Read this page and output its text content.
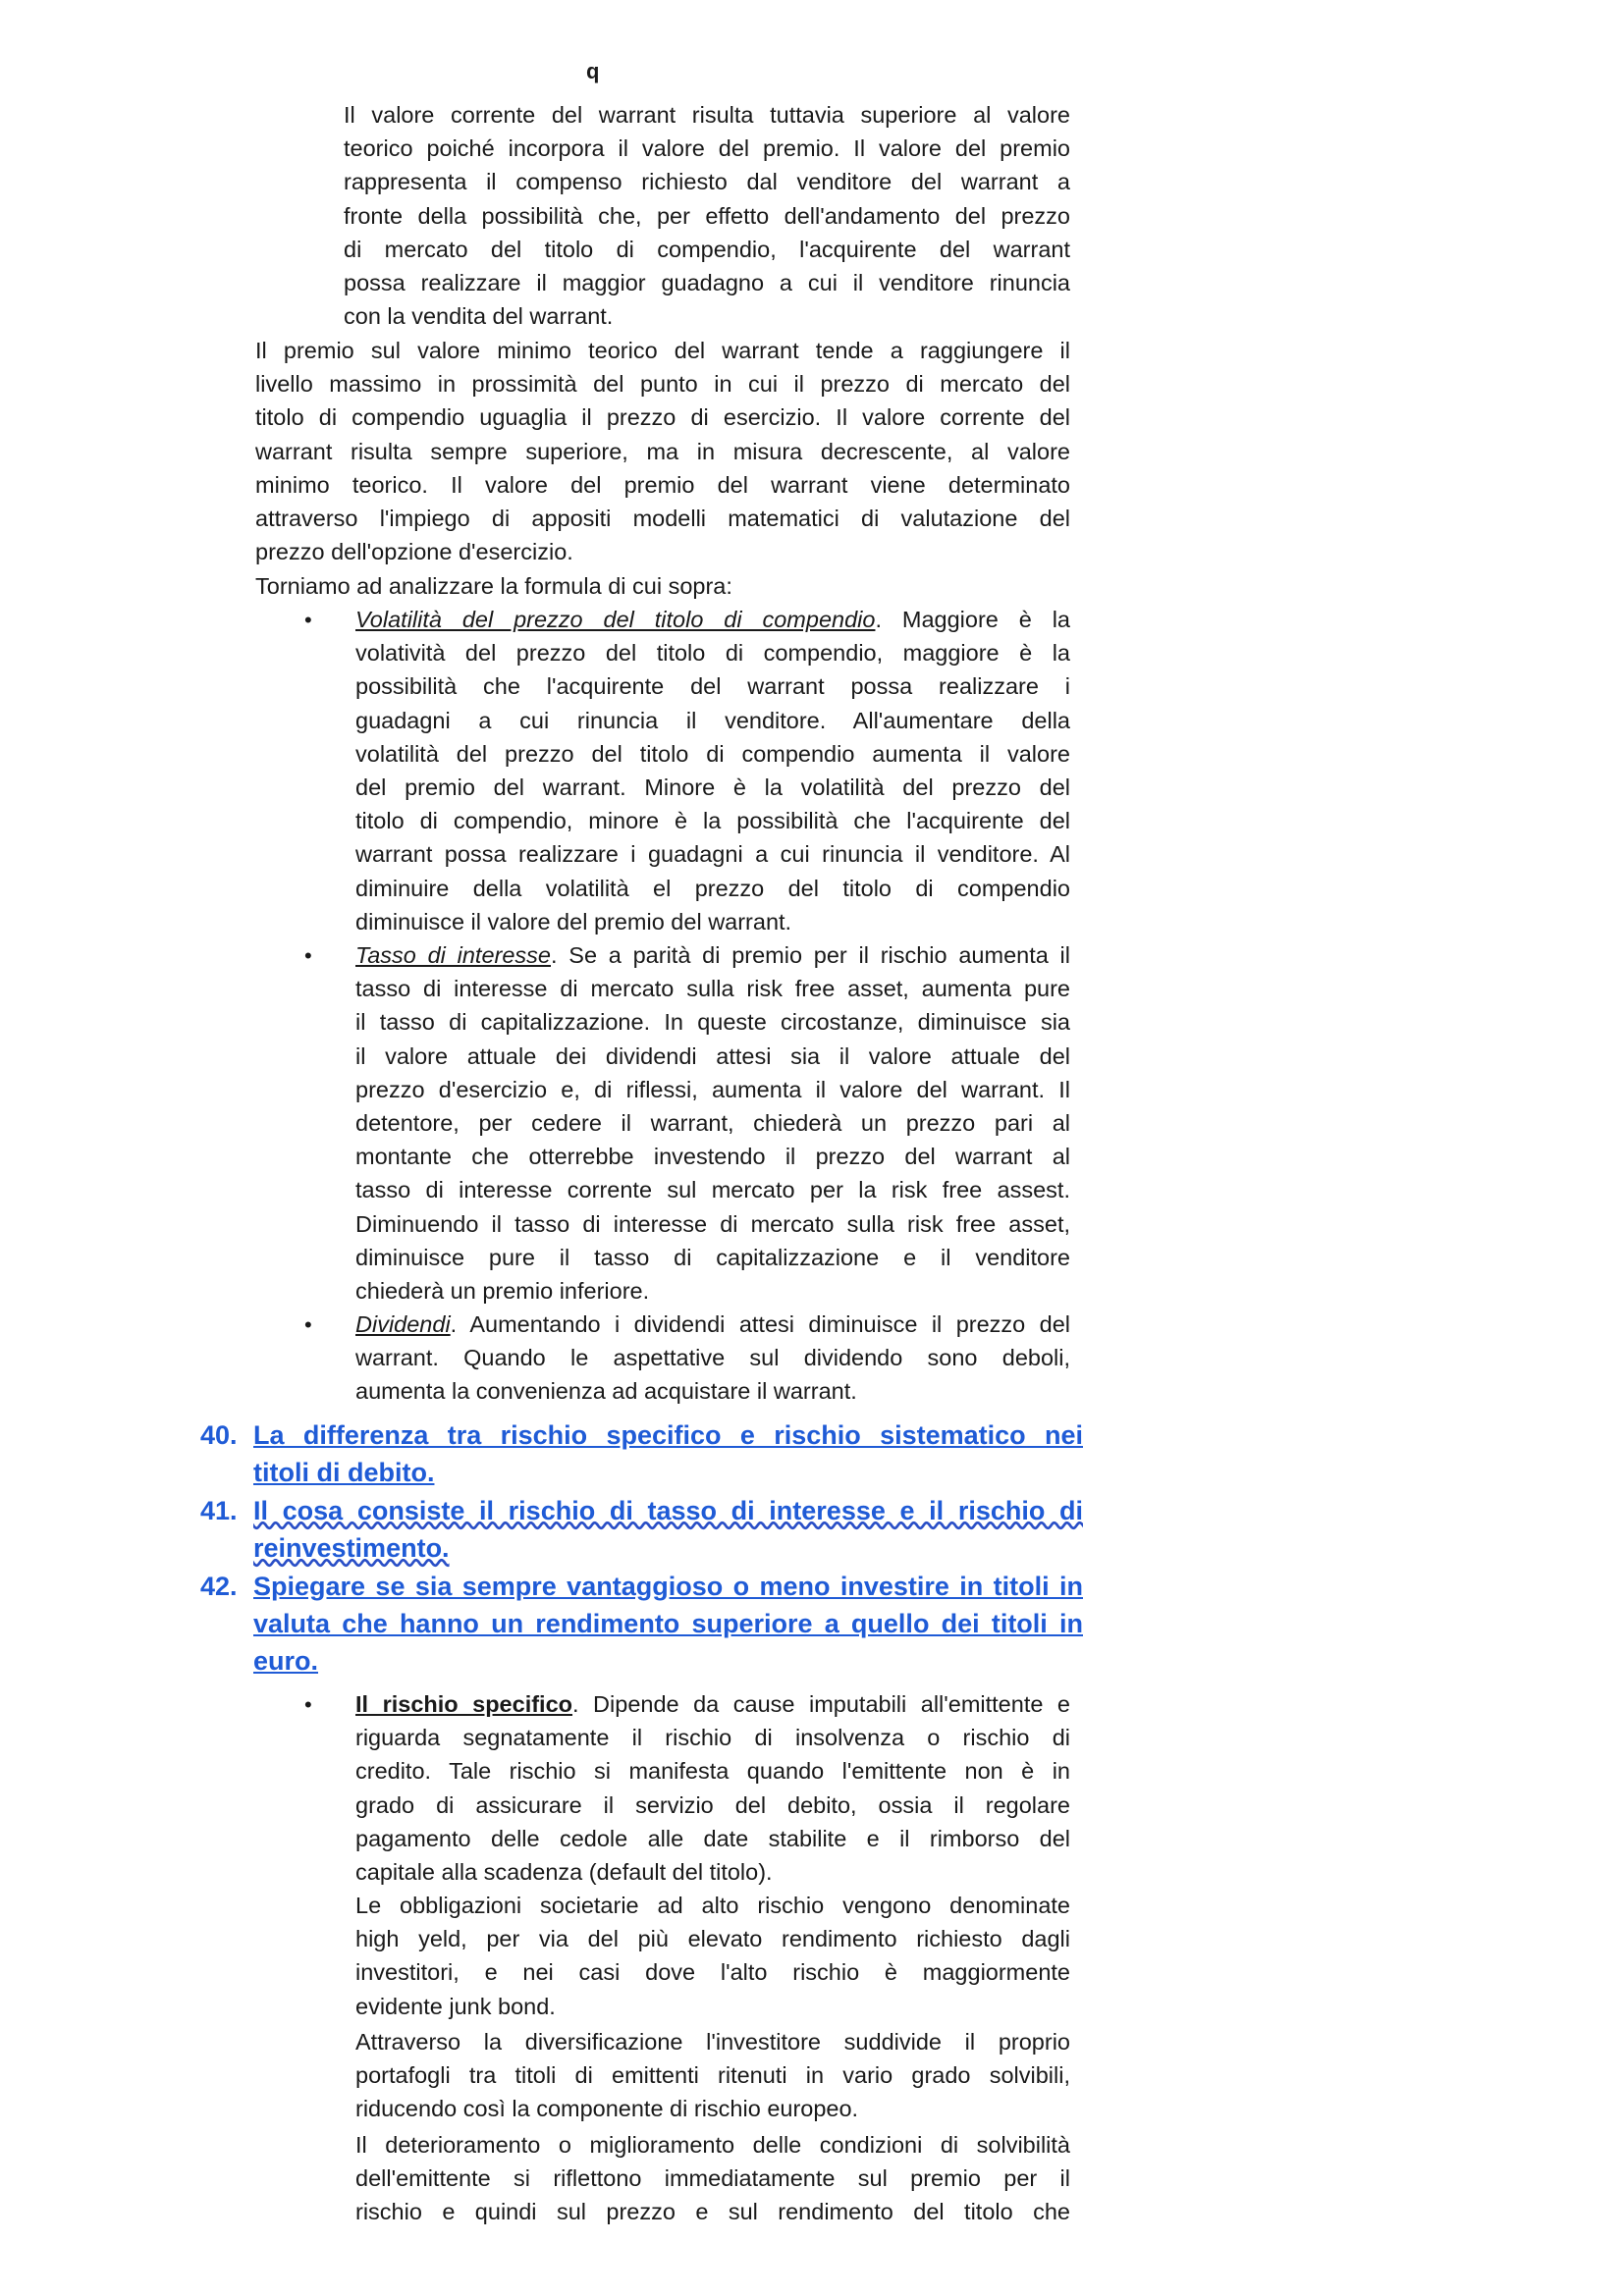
q
Il valore corrente del warrant risulta tuttavia superiore al valore
teorico poiché incorpora il valore del premio. Il valore del premio
rappresenta il compenso richiesto dal venditore del warrant a
fronte della possibilità che, per effetto dell'andamento del prezzo
di mercato del titolo di compendio, l'acquirente del warrant
possa realizzare il maggior guadagno a cui il venditore rinuncia
con la vendita del warrant.
Il premio sul valore minimo teorico del warrant tende a raggiungere il
livello massimo in prossimità del punto in cui il prezzo di mercato del
titolo di compendio uguaglia il prezzo di esercizio. Il valore corrente del
warrant risulta sempre superiore, ma in misura decrescente, al valore
minimo teorico. Il valore del premio del warrant viene determinato
attraverso l'impiego di appositi modelli matematici di valutazione del
prezzo dell'opzione d'esercizio.
Torniamo ad analizzare la formula di cui sopra:
• Volatilità del prezzo del titolo di compendio. Maggiore è la
volatività del prezzo del titolo di compendio, maggiore è la
possibilità che l'acquirente del warrant possa realizzare i
guadagni a cui rinuncia il venditore. All'aumentare della
volatilità del prezzo del titolo di compendio aumenta il valore
del premio del warrant. Minore è la volatilità del prezzo del
titolo di compendio, minore è la possibilità che l'acquirente del
warrant possa realizzare i guadagni a cui rinuncia il venditore. Al
diminuire della volatilità el prezzo del titolo di compendio
diminuisce il valore del premio del warrant.
• Tasso di interesse. Se a parità di premio per il rischio aumenta il
tasso di interesse di mercato sulla risk free asset, aumenta pure
il tasso di capitalizzazione. In queste circostanze, diminuisce sia
il valore attuale dei dividendi attesi sia il valore attuale del
prezzo d'esercizio e, di riflessi, aumenta il valore del warrant. Il
detentore, per cedere il warrant, chiederà un prezzo pari al
montante che otterrebbe investendo il prezzo del warrant al
tasso di interesse corrente sul mercato per la risk free assest.
Diminuendo il tasso di interesse di mercato sulla risk free asset,
diminuisce pure il tasso di capitalizzazione e il venditore
chiederà un premio inferiore.
• Dividendi. Aumentando i dividendi attesi diminuisce il prezzo del
warrant. Quando le aspettative sul dividendo sono deboli,
aumenta la convenienza ad acquistare il warrant.
40. La differenza tra rischio specifico e rischio sistematico nei
titoli di debito.
41. Il cosa consiste il rischio di tasso di interesse e il rischio di
reinvestimento.
42. Spiegare se sia sempre vantaggioso o meno investire in titoli in
valuta che hanno un rendimento superiore a quello dei titoli in
euro.
• Il rischio specifico. Dipende da cause imputabili all'emittente e
riguarda segnatamente il rischio di insolvenza o rischio di
credito. Tale rischio si manifesta quando l'emittente non è in
grado di assicurare il servizio del debito, ossia il regolare
pagamento delle cedole alle date stabilite e il rimborso del
capitale alla scadenza (default del titolo).
Le obbligazioni societarie ad alto rischio vengono denominate
high yeld, per via del più elevato rendimento richiesto dagli
investitori, e nei casi dove l'alto rischio è maggiormente
evidente junk bond.
Attraverso la diversificazione l'investitore suddivide il proprio
portafogli tra titoli di emittenti ritenuti in vario grado solvibili,
riducendo così la componente di rischio europeo.
Il deterioramento o miglioramento delle condizioni di solvibilità
dell'emittente si riflettono immediatamente sul premio per il
rischio e quindi sul prezzo e sul rendimento del titolo che
